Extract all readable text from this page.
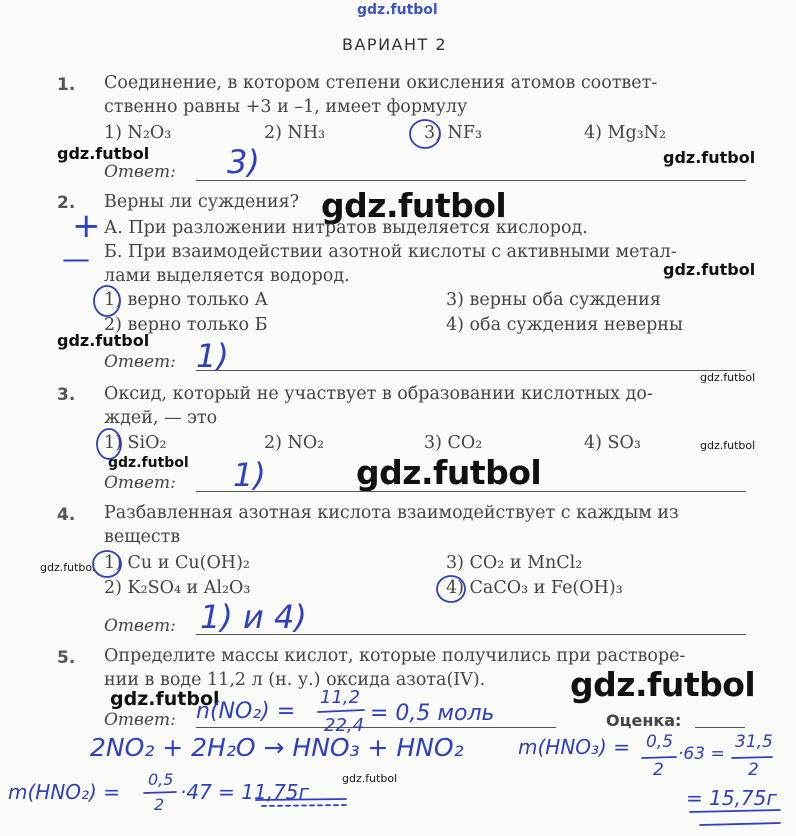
gdz.futbol
gdz.futbol	gdz.futbol
gdz.futbol
gdz.futbol
gdz.futbol
gdz.futbol
gdz.futbol
gdz.futbol	gdz.futbol
gdz.futbol
gdz.futbol
gdz.futbol
gdz.futbol
ВАРИАНТ 2
1. Соединение, в котором степени окисления атомов соответ-
ственно равны +3 и –1, имеет формулу
1) N₂O₃	2) NH₃	3) NF₃	4) Mg₃N₂
Ответ: 3)
2. Верны ли суждения?
+ А. При разложении нитратов выделяется кислород.
— Б. При взаимодействии азотной кислоты с активными метал-
лами выделяется водород.
1) верно только А
2) верно только Б
3) верны оба суждения
4) оба суждения неверны
Ответ: 1)
3. Оксид, который не участвует в образовании кислотных до-
ждей, — это
1) SiO₂	2) NO₂	3) CO₂	4) SO₃
Ответ: 1)
4. Разбавленная азотная кислота взаимодействует с каждым из
веществ
1) Cu и Cu(OH)₂
2) K₂SO₄ и Al₂O₃
3) CO₂ и MnCl₂
4) CaCO₃ и Fe(OH)₃
Ответ: 1) и 4)
5. Определите массы кислот, которые получились при растворе-
нии в воде 11,2 л (н. у.) оксида азота(IV).
Ответ:	Оценка:
n(NO₂) =
11,2
22,4 = 0,5 моль
2NO₂ + 2H₂O → HNO₃ + HNO₂	m(HNO₃) = 0,5
2
·63 =
31,5
2
= 15,75г
m(HNO₂) =
0,5
2
·47 = 11,75г
